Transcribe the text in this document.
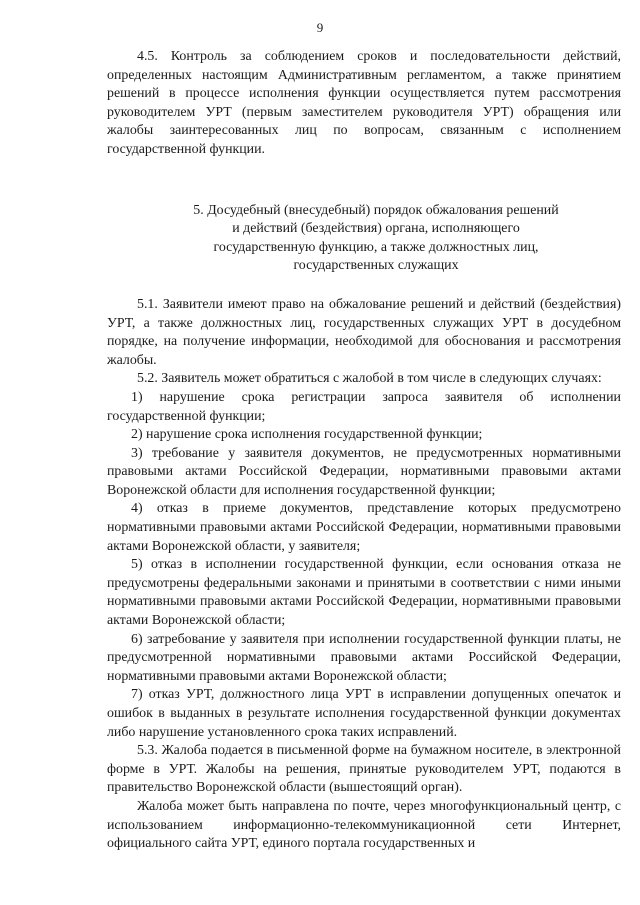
9

4.5. Контроль за соблюдением сроков и последовательности действий, определенных настоящим Административным регламентом, а также принятием решений в процессе исполнения функции осуществляется путем рассмотрения руководителем УРТ (первым заместителем руководителя УРТ) обращения или жалобы заинтересованных лиц по вопросам, связанным с исполнением государственной функции.

5. Досудебный (внесудебный) порядок обжалования решений
и действий (бездействия) органа, исполняющего
государственную функцию, а также должностных лиц,
государственных служащих

5.1. Заявители имеют право на обжалование решений и действий (бездействия) УРТ, а также должностных лиц, государственных служащих УРТ в досудебном порядке, на получение информации, необходимой для обоснования и рассмотрения жалобы.

5.2. Заявитель может обратиться с жалобой в том числе в следующих случаях:

1) нарушение срока регистрации запроса заявителя об исполнении государственной функции;

2) нарушение срока исполнения государственной функции;

3) требование у заявителя документов, не предусмотренных нормативными правовыми актами Российской Федерации, нормативными правовыми актами Воронежской области для исполнения государственной функции;

4) отказ в приеме документов, представление которых предусмотрено нормативными правовыми актами Российской Федерации, нормативными правовыми актами Воронежской области, у заявителя;

5) отказ в исполнении государственной функции, если основания отказа не предусмотрены федеральными законами и принятыми в соответствии с ними иными нормативными правовыми актами Российской Федерации, нормативными правовыми актами Воронежской области;

6) затребование у заявителя при исполнении государственной функции платы, не предусмотренной нормативными правовыми актами Российской Федерации, нормативными правовыми актами Воронежской области;

7) отказ УРТ, должностного лица УРТ в исправлении допущенных опечаток и ошибок в выданных в результате исполнения государственной функции документах либо нарушение установленного срока таких исправлений.

5.3. Жалоба подается в письменной форме на бумажном носителе, в электронной форме в УРТ. Жалобы на решения, принятые руководителем УРТ, подаются в правительство Воронежской области (вышестоящий орган).

Жалоба может быть направлена по почте, через многофункциональный центр, с использованием информационно-телекоммуникационной сети Интернет, официального сайта УРТ, единого портала государственных и
